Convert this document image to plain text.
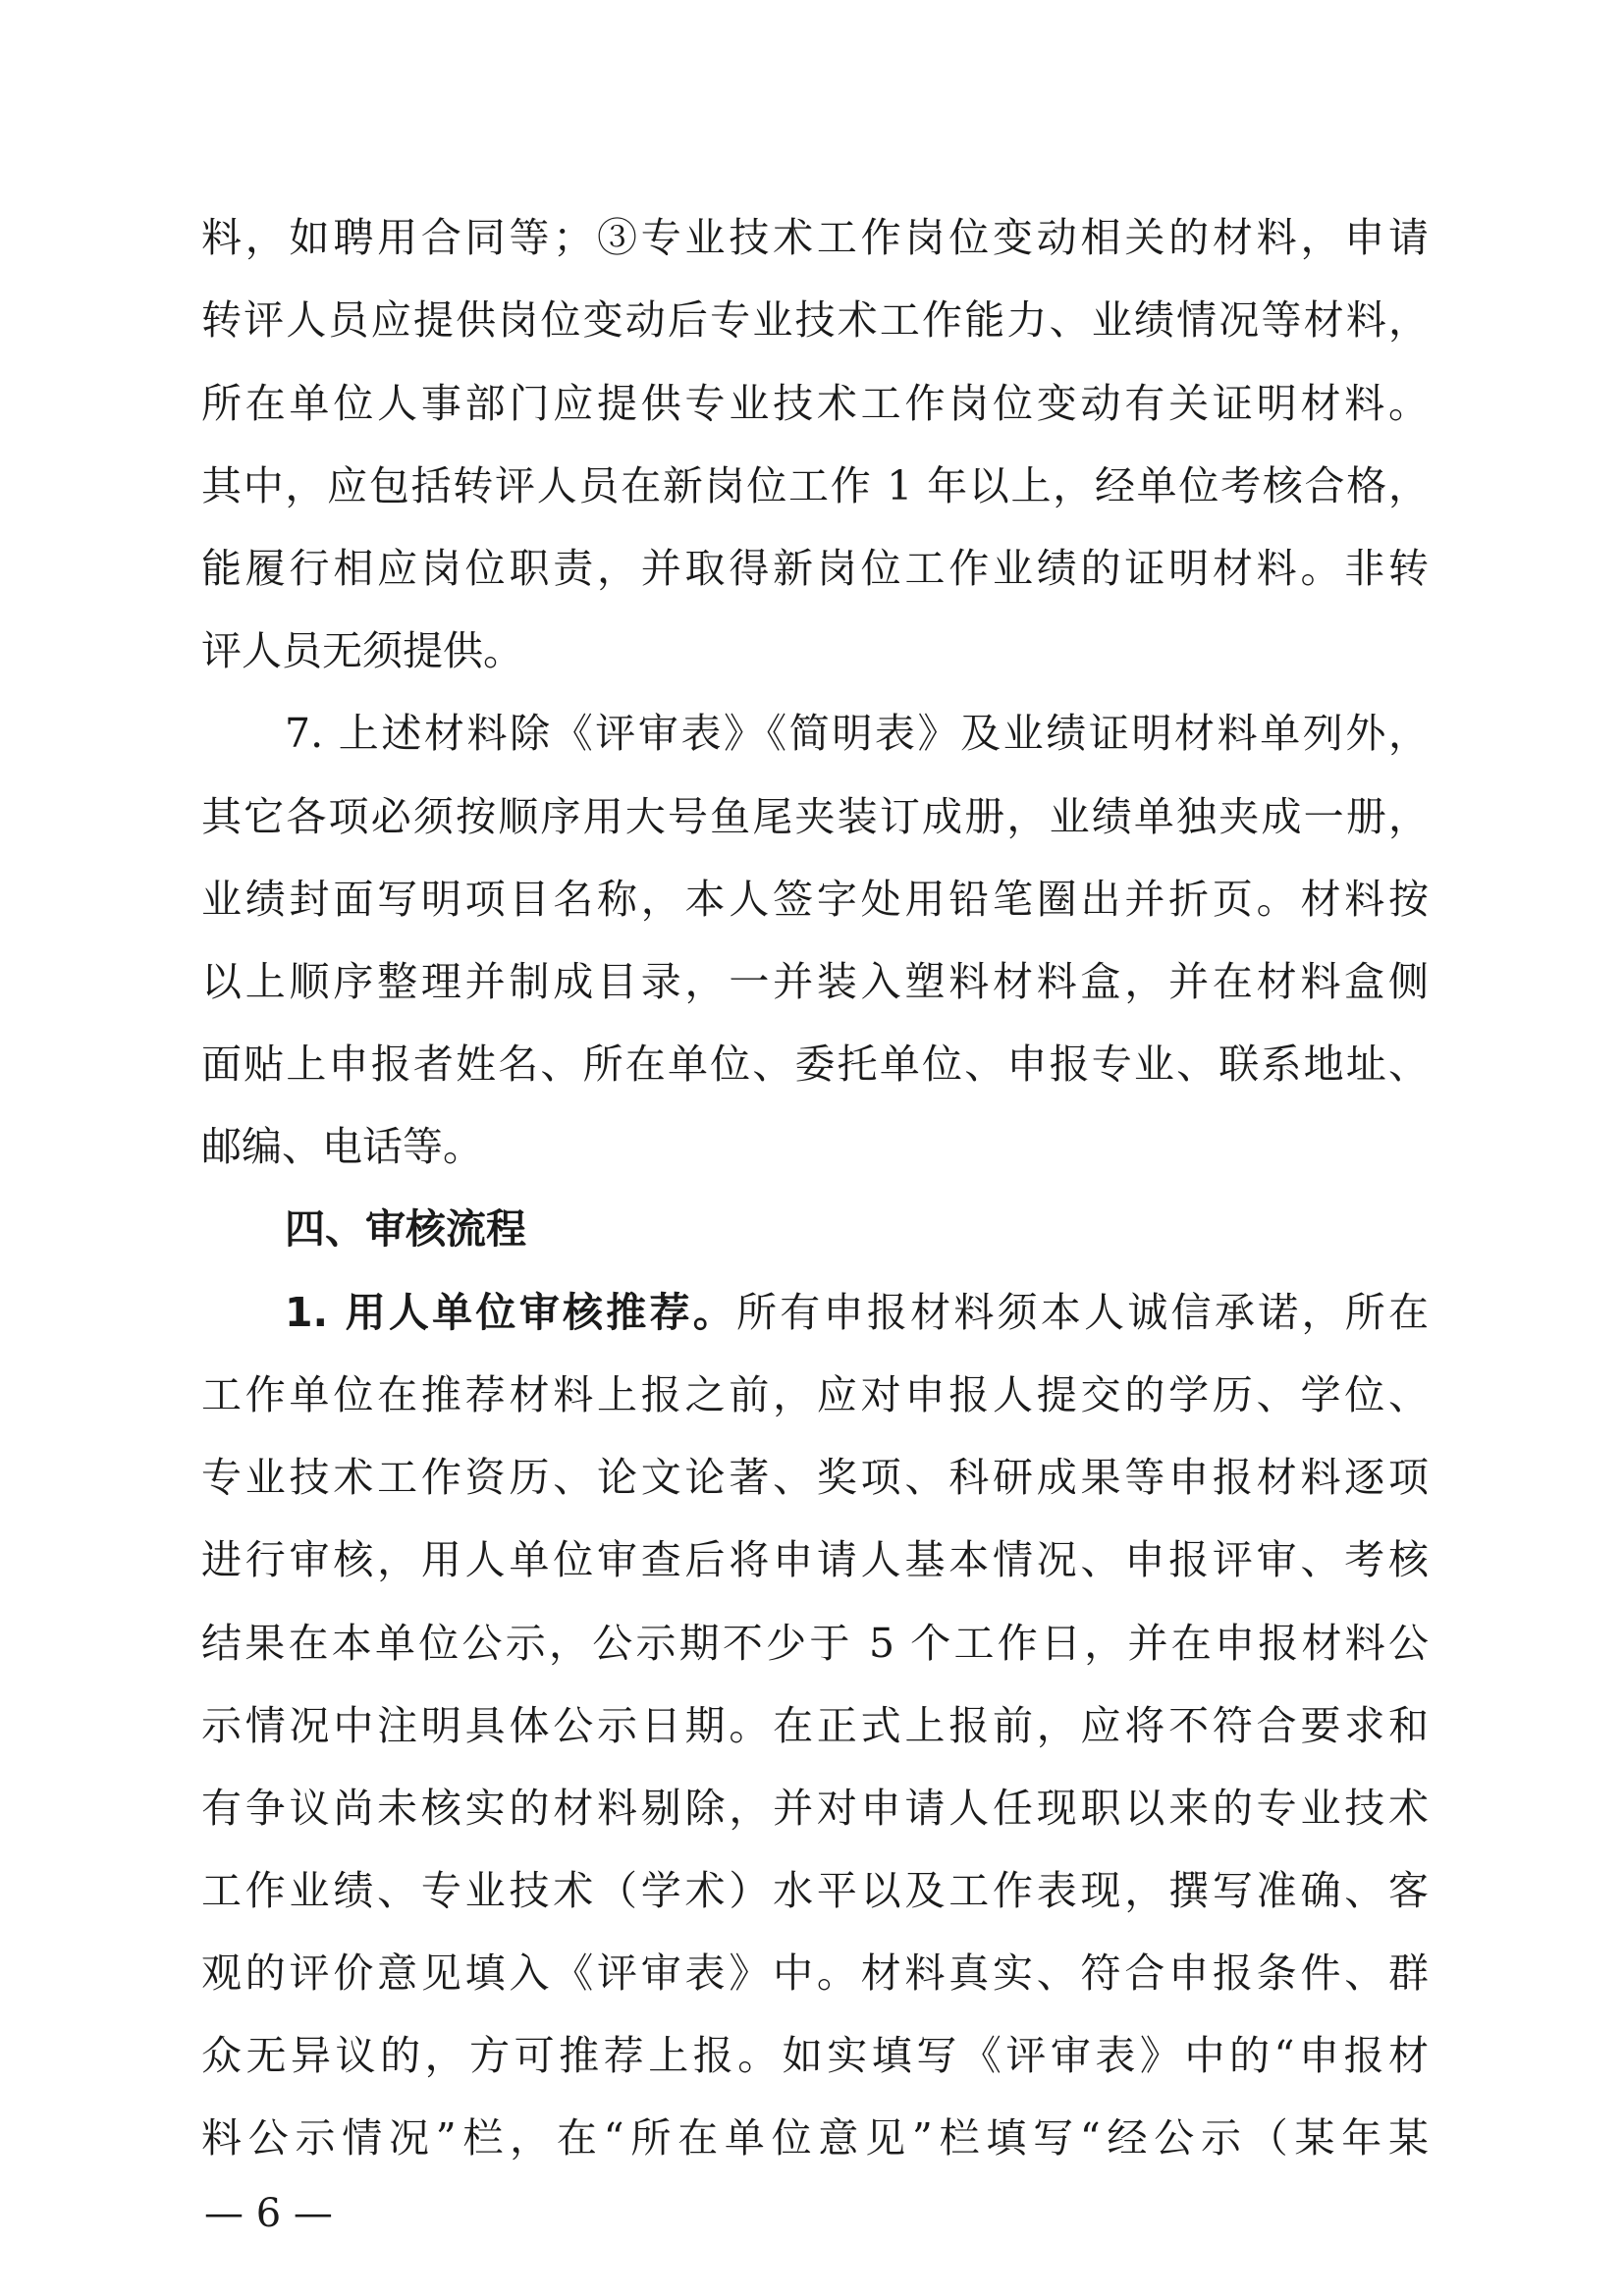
料，如聘用合同等；③专业技术工作岗位变动相关的材料，申请
转评人员应提供岗位变动后专业技术工作能力、业绩情况等材料，
所在单位人事部门应提供专业技术工作岗位变动有关证明材料。
其中，应包括转评人员在新岗位工作 1 年以上，经单位考核合格，
能履行相应岗位职责，并取得新岗位工作业绩的证明材料。非转
评人员无须提供。
7. 上述材料除《评审表》《简明表》及业绩证明材料单列外，
其它各项必须按顺序用大号鱼尾夹装订成册，业绩单独夹成一册，
业绩封面写明项目名称，本人签字处用铅笔圈出并折页。材料按
以上顺序整理并制成目录，一并装入塑料材料盒，并在材料盒侧
面贴上申报者姓名、所在单位、委托单位、申报专业、联系地址、
邮编、电话等。
四、审核流程
1. 用人单位审核推荐。所有申报材料须本人诚信承诺，所在
工作单位在推荐材料上报之前，应对申报人提交的学历、学位、
专业技术工作资历、论文论著、奖项、科研成果等申报材料逐项
进行审核，用人单位审查后将申请人基本情况、申报评审、考核
结果在本单位公示，公示期不少于 5 个工作日，并在申报材料公
示情况中注明具体公示日期。在正式上报前，应将不符合要求和
有争议尚未核实的材料剔除，并对申请人任现职以来的专业技术
工作业绩、专业技术（学术）水平以及工作表现，撰写准确、客
观的评价意见填入《评审表》中。材料真实、符合申报条件、群
众无异议的，方可推荐上报。如实填写《评审表》中的“申报材
料公示情况”栏，在“所在单位意见”栏填写“经公示（某年某
— 6 —
